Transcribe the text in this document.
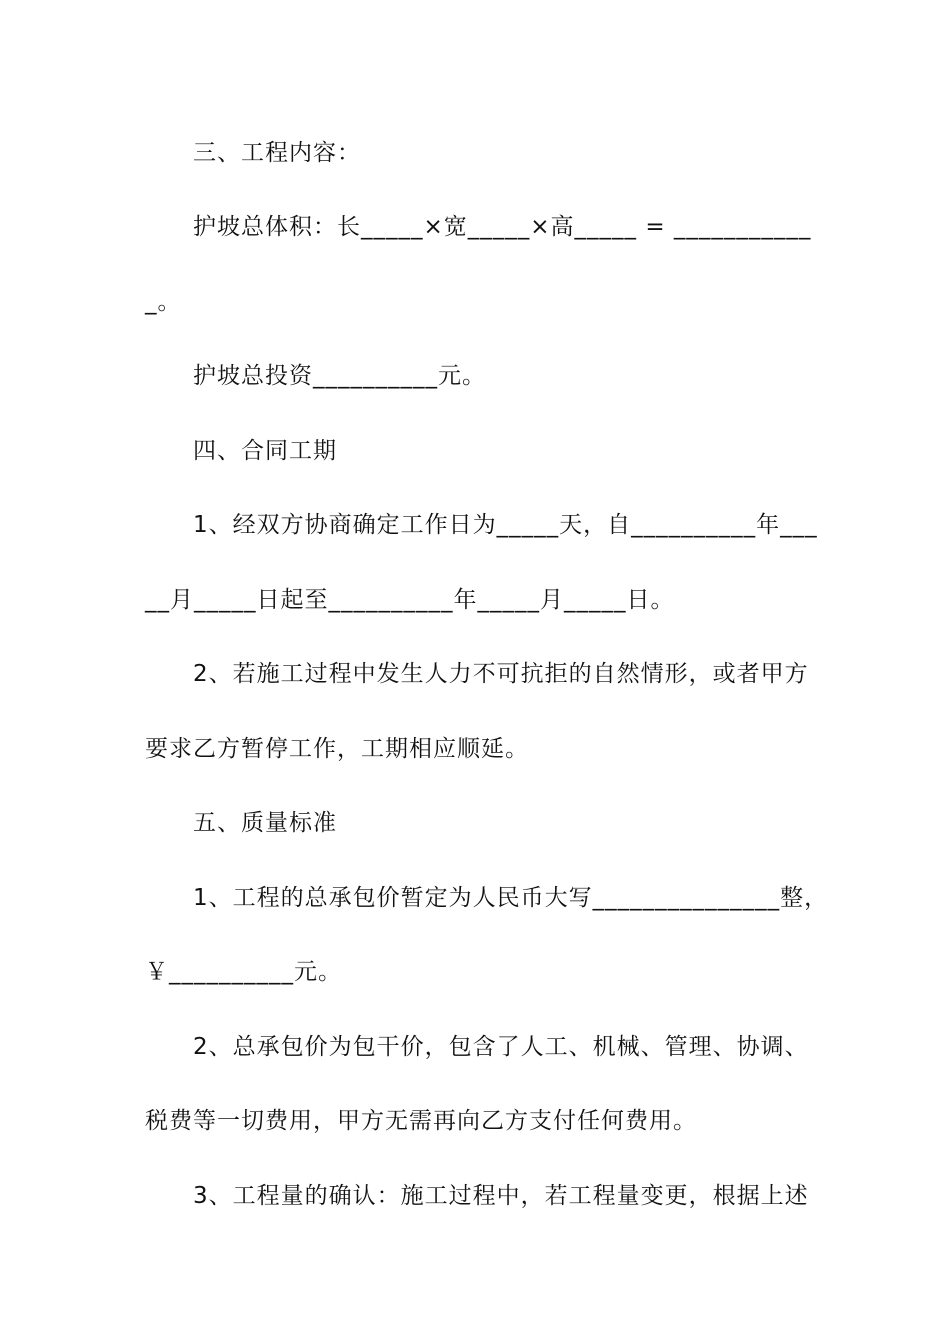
三、工程内容：
护坡总体积：长_____×宽_____×高_____ = ___________
_。
护坡总投资__________元。
四、合同工期
1、经双方协商确定工作日为_____天，自__________年___
__月_____日起至__________年_____月_____日。
2、若施工过程中发生人力不可抗拒的自然情形，或者甲方
要求乙方暂停工作，工期相应顺延。
五、质量标准
1、工程的总承包价暂定为人民币大写_______________整，
￥__________元。
2、总承包价为包干价，包含了人工、机械、管理、协调、
税费等一切费用，甲方无需再向乙方支付任何费用。
3、工程量的确认：施工过程中，若工程量变更，根据上述
